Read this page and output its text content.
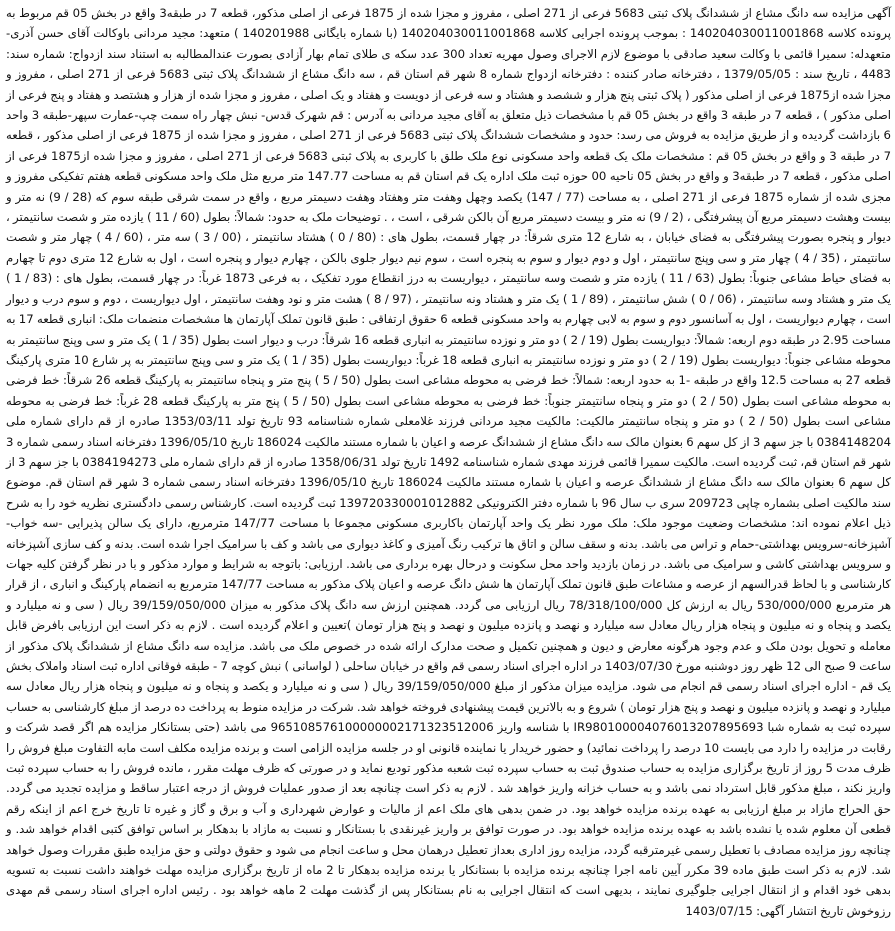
آگهی مزایده سه دانگ مشاع از ششدانگ پلاک ثبتی 5683 فرعی از 271 اصلی ، مفروز و مجزا شده از 1875 فرعی از اصلی مذکور، قطعه 7 در طبقه3 واقع در بخش 05 قم مربوط به پرونده کلاسه 140204030011001868 : بموجب پرونده اجرایی کلاسه 140204030011001868 (با شماره بایگانی 140201988 ) متعهد: مجید مردانی باوکالت آقای حسن آذری- متعهدله: سمیرا قائمی با وکالت سعید صادقی با موضوع لازم الاجرای وصول مهریه تعداد 300 عدد سکه ی طلای تمام بهار آزادی بصورت عندالمطالبه به استناد سند ازدواج: شماره سند: 4483 ، تاریخ سند : 1379/05/05 ، دفترخانه صادر کننده : دفترخانه ازدواج شماره 8 شهر قم استان قم ، سه دانگ مشاع از ششدانگ پلاک ثبتی 5683 فرعی از 271 اصلی ، مفروز و مجزا شده از1875 فرعی از اصلی مذکور ( پلاک ثبتی پنج هزار و ششصد و هشتاد و سه فرعی از دویست و هفتاد و یک اصلی ، مفروز و مجزا شده از هزار و هشتصد و هفتاد و پنج فرعی از اصلی مذکور ) ، قطعه 7 در طبقه 3 واقع در بخش 05 قم با مشخصات ذیل متعلق به آقای مجید مردانی به آدرس : قم شهرک قدس- نبش چهار راه سمت چپ-عمارت سپهر-طبقه 3 واحد 6 بازداشت گردیده و از طریق مزایده به فروش می رسد: حدود و مشخصات ششدانگ پلاک ثبتی 5683 فرعی از 271 اصلی ، مفروز و مجزا شده از 1875 فرعی از اصلی مذکور ، قطعه 7 در طبقه 3 و واقع در بخش 05 قم : مشخصات ملک یک قطعه واحد مسکونی نوع ملک طلق با کاربری به پلاک ثبتی 5683 فرعی از 271 اصلی ، مفروز و مجزا شده از1875 فرعی از اصلی مذکور ، قطعه 7 در طبقه3 و واقع در بخش 05 ناحیه 00 حوزه ثبت ملک اداره یک قم استان قم به مساحت 147.77 متر مربع مثل ملک واحد مسکونی قطعه هفتم تفکیکی مفروز و مجزی شده از شماره 1875 فرعی از 271 اصلی ، به مساحت (77 / 147) یکصد وچهل وهفت متر وهفتاد وهفت دسیمتر مربع ، واقع در سمت شرقی طبقه سوم که (28 / 9) نه متر و بیست وهشت دسیمتر مربع آن پیشرفتگی ، (2 / 9) نه متر و بیست دسیمتر مربع آن بالکن شرقی ، است ، . توضیحات ملک به حدود: شمالاً: بطول (60 / 11 ) یازده متر و شصت سانتیمتر ، دیوار و پنجره بصورت پیشرفتگی به فضای خیابان ، به شارع 12 متری شرقاً: در چهار قسمت، بطول های : (80 / 0 ) هشتاد سانتیمتر ، (00 / 3 ) سه متر ، (60 / 4 ) چهار متر و شصت سانتیمتر ، (35 / 4 ) چهار متر و سی وپنج سانتیمتر ، اول و دوم دیوار و سوم به پنجره است ، سوم نیم دیوار جلوی بالکن ، چهارم دیوار و پنجره است ، اول به شارع 12 متری دوم تا چهارم به فضای حیاط مشاعی جنوباً: بطول (63 / 11 ) یازده متر و شصت وسه سانتیمتر ، دیواریست به درز انقطاع مورد تفکیک ، به فرعی 1873 غرباً: در چهار قسمت، بطول های : (83 / 1 ) یک متر و هشتاد وسه سانتیمتر ، (06 / 0 ) شش سانتیمتر ، (89 / 1 ) یک متر و هشتاد ونه سانتیمتر ، (97 / 8 ) هشت متر و نود وهفت سانتیمتر ، اول دیواریست ، دوم و سوم درب و دیوار است ، چهارم دیواریست ، اول به آسانسور دوم و سوم به لابی چهارم به واحد مسکونی قطعه 6 حقوق ارتفاقی : طبق قانون تملک آپارتمان ها مشخصات منضمات ملک: انباری قطعه 17 به مساحت 2.95 در طبقه دوم اربعه: شمالاً: دیواریست بطول (19 / 2 ) دو متر و نوزده سانتیمتر به انباری قطعه 16 شرقاً: درب و دیوار است بطول (35 / 1 ) یک متر و سی وپنج سانتیمتر به محوطه مشاعی جنوباً: دیواریست بطول (19 / 2 ) دو متر و نوزده سانتیمتر به انباری قطعه 18 غرباً: دیواریست بطول (35 / 1 ) یک متر و سی وپنج سانتیمتر به پر شارع 10 متری پارکینگ قطعه 27 به مساحت 12.5 واقع در طبقه -1 به حدود اربعه: شمالاً: خط فرضی به محوطه مشاعی است بطول (50 / 5 ) پنج متر و پنجاه سانتیمتر به پارکینگ قطعه 26 شرقاً: خط فرضی به محوطه مشاعی است بطول (50 / 2 ) دو متر و پنجاه سانتیمتر جنوباً: خط فرضی به محوطه مشاعی است بطول (50 / 5 ) پنج متر به پارکینگ قطعه 28 غرباً: خط فرضی به محوطه مشاعی است بطول (50 / 2 ) دو متر و پنجاه سانتیمتر مالکیت: مالکیت مجید مردانی فرزند غلامعلی شماره شناسنامه 93 تاریخ تولد 1353/03/11 صادره از قم دارای شماره ملی 0384148204 با جز سهم 3 از کل سهم 6 بعنوان مالک سه دانگ مشاع از ششدانگ عرصه و اعیان با شماره مستند مالکیت 186024 تاریخ 1396/05/10 دفترخانه اسناد رسمی شماره 3 شهر قم استان قم، ثبت گردیده است. مالکیت سمیرا قائمی فرزند مهدی شماره شناسنامه 1492 تاریخ تولد 1358/06/31 صادره از قم دارای شماره ملی 0384194273 با جز سهم 3 از کل سهم 6 بعنوان مالک سه دانگ مشاع از ششدانگ عرصه و اعیان با شماره مستند مالکیت 186024 تاریخ 1396/05/10 دفترخانه اسناد رسمی شماره 3 شهر قم استان قم. موضوع سند مالکیت اصلی بشماره چاپی 209723 سری ب سال 96 با شماره دفتر الکترونیکی 139720330001012882 ثبت گردیده است. کارشناس رسمی دادگستری نظریه خود را به شرح ذیل اعلام نموده اند: مشخصات وضعیت موجود ملک: ملک مورد نظر یک واحد آپارتمان باکاربری مسکونی مجموعا با مساحت 147/77 مترمربع، دارای یک سالن پذیرایی -سه خواب-آشپزخانه-سرویس بهداشتی-حمام و تراس می باشد. بدنه و سقف سالن و اتاق ها ترکیب رنگ آمیزی و کاغذ دیواری می باشد و کف با سرامیک اجرا شده است. بدنه و کف سازی آشپزخانه و سرویس بهداشتی کاشی و سرامیک می باشد. در زمان بازدید واحد محل سکونت و درحال بهره برداری می باشد. ارزیابی: باتوجه به شرایط و موارد مذکور و با در نظر گرفتن کلیه جهات کارشناسی و با لحاظ قدرالسهم از عرصه و مشاعات طبق قانون تملک آپارتمان ها شش دانگ عرصه و اعیان پلاک مذکور به مساحت 147/77 مترمربع به انضمام پارکینگ و انباری ، از قرار هر مترمربع 530/000/000 ریال به ارزش کل 78/318/100/000 ریال ارزیابی می گردد. همچنین ارزش سه دانگ پلاک مذکور به میزان 39/159/050/000 ریال ( سی و نه میلیارد و یکصد و پنجاه و نه میلیون و پنجاه هزار ریال معادل سه میلیارد و نهصد و پانزده میلیون و نهصد و پنج هزار تومان )تعیین و اعلام گردیده است . لازم به ذکر است این ارزیابی بافرض قابل معامله و تحویل بودن ملک و عدم وجود هرگونه معارض و دیون و همچنین تکمیل و صحت مدارک ارائه شده در خصوص ملک می باشد. مزایده سه دانگ مشاع از ششدانگ پلاک مذکور از ساعت 9 صبح الی 12 ظهر روز دوشنبه مورخ 1403/07/30 در اداره اجرای اسناد رسمی قم واقع در خیابان ساحلی ( لواسانی ) نبش کوچه 7 - طبقه فوقانی اداره ثبت اسناد واملاک بخش یک قم - اداره اجرای اسناد رسمی قم انجام می شود. مزایده میزان مذکور از مبلغ 39/159/050/000 ریال ( سی و نه میلیارد و یکصد و پنجاه و نه میلیون و پنجاه هزار ریال معادل سه میلیارد و نهصد و پانزده میلیون و نهصد و پنج هزار تومان ) شروع و به بالاترین قیمت پیشنهادی فروخته خواهد شد. شرکت در مزایده منوط به پرداخت ده درصد از مبلغ کارشناسی به حساب سپرده ثبت به شماره شبا IR980100004076013207895693 با شناسه واریز 965108576100000002171323512006 می باشد (حتی بستانکار مزایده هم اگر قصد شرکت و رقابت در مزایده را دارد می بایست 10 درصد را پرداخت نمائید) و حضور خریدار یا نماینده قانونی او در جلسه مزایده الزامی است و برنده مزایده مکلف است مابه التفاوت مبلغ فروش را ظرف مدت 5 روز از تاریخ برگزاری مزایده به حساب صندوق ثبت به حساب سپرده ثبت شعبه مذکور تودیع نماید و در صورتی که ظرف مهلت مقرر ، مانده فروش را به حساب سپرده ثبت واریز نکند ، مبلغ مذکور قابل استرداد نمی باشد و به حساب خزانه واریز خواهد شد . لازم به ذکر است چنانچه بعد از صدور عملیات فروش از درجه اعتبار ساقط و مزایده تجدید می گردد. حق الحراج مازاد بر مبلغ ارزیابی به عهده برنده مزایده خواهد بود. در ضمن بدهی های ملک اعم از مالیات و عوارض شهرداری و آب و برق و گاز و غیره تا تاریخ خرج اعم از اینکه رقم قطعی آن معلوم شده یا نشده باشد به عهده برنده مزایده خواهد بود. در صورت توافق بر واریز غیرنقدی با بستانکار و نسبت به مازاد با بدهکار بر اساس توافق کتبی اقدام خواهد شد. و چنانچه روز مزایده مصادف با تعطیل رسمی غیرمترقبه گردد، مزایده روز اداری بعداز تعطیل درهمان محل و ساعت انجام می شود و حقوق دولتی و حق مزایده طبق مقررات وصول خواهد شد. لازم به ذکر است طبق ماده 39 مکرر آیین نامه اجرا چنانچه برنده مزایده با بستانکار یا برنده مزایده بدهکار تا 2 ماه از تاریخ برگزاری مزایده مهلت خواهند داشت نسبت به تسویه بدهی خود اقدام و از انتقال اجرایی جلوگیری نمایند ، بدیهی است که انتقال اجرایی به نام بستانکار پس از گذشت مهلت 2 ماهه خواهد بود . رئیس اداره اجرای اسناد رسمی قم مهدی رزوخوش تاریخ انتشار آگهی: 1403/07/15
